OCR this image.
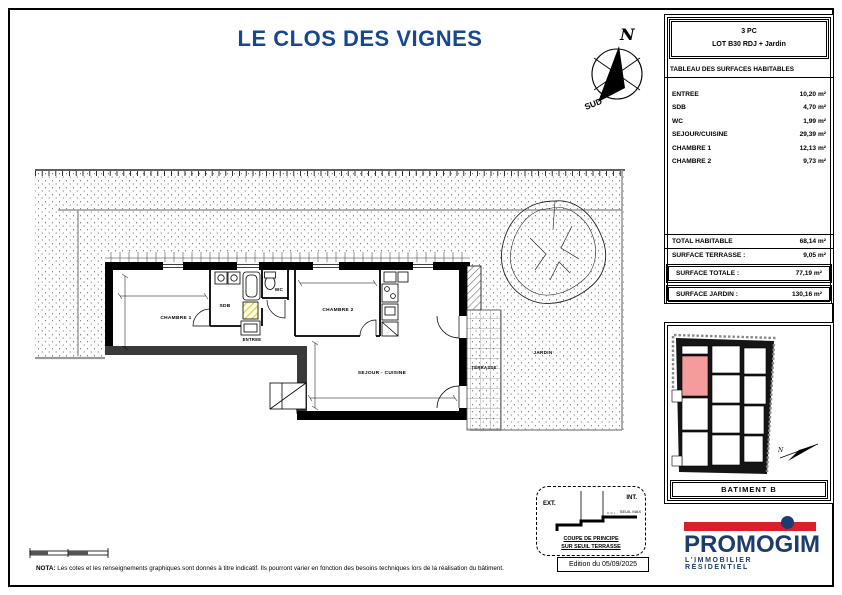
LE CLOS DES VIGNES	N
SUD
CHAMBRE 1
SDB
WC
CHAMBRE 2
ENTREE
SEJOUR - CUISINE
TERRASSE
JARDIN
EXT.
INT.
SEUIL MAX
0.15 m
COUPE DE PRINCIPE
SUR SEUIL TERRASSE
Edition du 05/09/2025
NOTA: Les cotes et les renseignements graphiques sont donnés à titre indicatif. Ils pourront varier en fonction des besoins techniques lors de la réalisation du bâtiment.
3 PC
LOT B30 RDJ + Jardin
TABLEAU DES SURFACES HABITABLES
ENTREE	10,20 m²
SDB	4,70 m²
WC	1,99 m²
SEJOUR/CUISINE	29,39 m²
CHAMBRE 1	12,13 m²
CHAMBRE 2	9,73 m²
TOTAL HABITABLE	68,14 m²
SURFACE TERRASSE :	9,05 m²
SURFACE TOTALE :	77,19 m²
SURFACE JARDIN :	130,16 m²
N
BATIMENT B
PROMOGIM
L'IMMOBILIER RÉSIDENTIEL
